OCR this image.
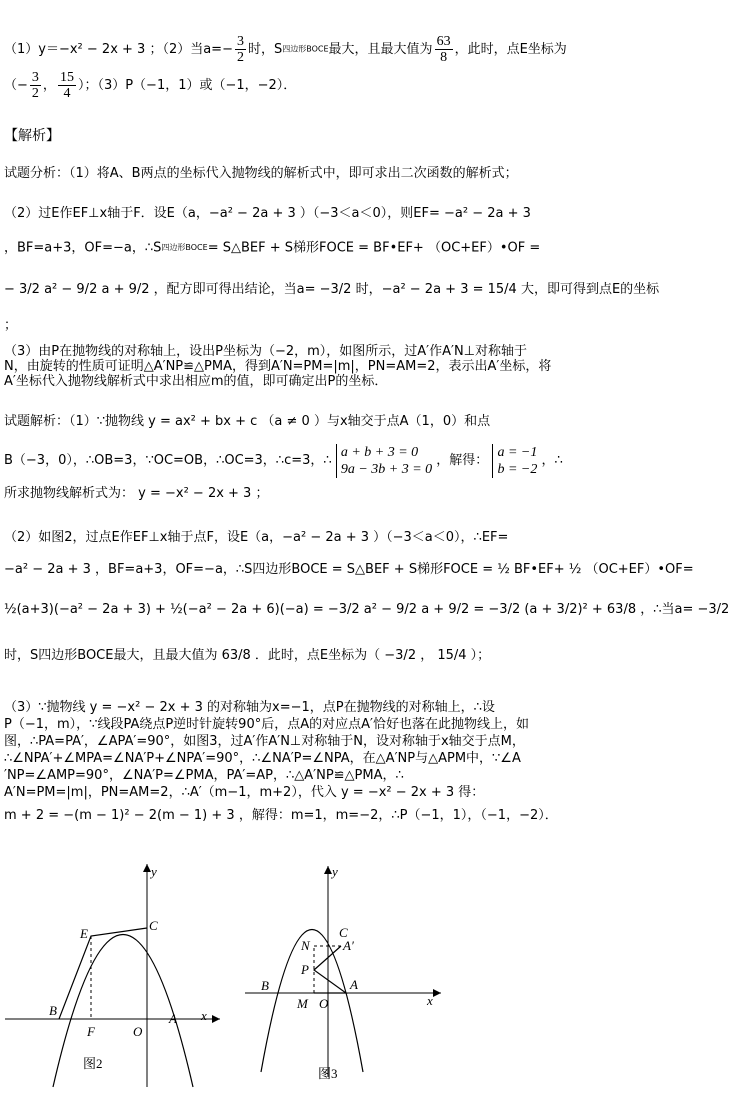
（1）y＝−x² − 2x + 3 ；（2）当$a=- \frac{3}{2}$ 时，S四边形BOCE最大，且最大值为 $\frac{63}{8}$ ，此时，点E坐标为
（− $\frac{3}{2}$ ， $\frac{15}{4}$ ）；（3）P（−1，1）或（−1，−2）．
【解析】
试题分析：（1）将A、B两点的坐标代入抛物线的解析式中，即可求出二次函数的解析式；
（2）过E作EF⊥x轴于F．设E（a，−a² − 2a + 3 ）（−3＜a＜0），则EF= −a² − 2a + 3
，BF=a+3，OF=−a，∴S四边形BOCE= S△BEF + S梯形FOCE = BF•EF+ （OC+EF）•OF =
− 3/2 a² − 9/2 a + 9/2 ，配方即可得出结论，当a= −3/2 时，−a² − 2a + 3 = 15/4 大，即可得到点E的坐标
；
（3）由P在抛物线的对称轴上，设出P坐标为（−2，m），如图所示，过A′作A′N⊥对称轴于
N，由旋转的性质可证明△A′NP≌△PMA，得到A′N=PM=|m|，PN=AM=2，表示出A′坐标，将
A′坐标代入抛物线解析式中求出相应m的值，即可确定出P的坐标．
试题解析：（1）∵抛物线 y = ax² + bx + c （a ≠ 0 ）与x轴交于点A（1，0）和点
B（−3，0），∴OB=3，∵OC=OB，∴OC=3，∴c=3，∴
a + b + 3 = 0
9a − 3b + 3 = 0
，解得：
a = −1
b = −2
，∴
所求抛物线解析式为： y = −x² − 2x + 3 ；
（2）如图2，过点E作EF⊥x轴于点F，设E（a，−a² − 2a + 3 ）（−3＜a＜0），∴EF=
−a² − 2a + 3 ，BF=a+3，OF=−a，∴S四边形BOCE = S△BEF + S梯形FOCE = ½ BF•EF+ ½ （OC+EF）•OF=
½(a+3)(−a² − 2a + 3) + ½(−a² − 2a + 6)(−a) = −3/2 a² − 9/2 a + 9/2 = −3/2 (a + 3/2)² + 63/8 ，∴当a= −3/2
时，S四边形BOCE最大，且最大值为 63/8 ．此时，点E坐标为（ −3/2 ， 15/4 ）；
（3）∵抛物线 y = −x² − 2x + 3 的对称轴为x=−1，点P在抛物线的对称轴上，∴设
P（−1，m），∵线段PA绕点P逆时针旋转90°后，点A的对应点A′恰好也落在此抛物线上，如
图，∴PA=PA′，∠APA′=90°，如图3，过A′作A′N⊥对称轴于N，设对称轴于x轴交于点M，
∴∠NPA′+∠MPA=∠NA′P+∠NPA′=90°，∴∠NA′P=∠NPA，在△A′NP与△APM中，∵∠A
′NP=∠AMP=90°，∠NA′P=∠PMA，PA′=AP，∴△A′NP≌△PMA，∴
A′N=PM=|m|，PN=AM=2，∴A′（m−1，m+2），代入 y = −x² − 2x + 3 得：
m + 2 = −(m − 1)² − 2(m − 1) + 3 ，解得：m=1，m=−2，∴P（−1，1），（−1，−2）．
y
x
E
C
B
F	O
A
图2
y
x
C
N	A′
P
B
M O
A
图3
